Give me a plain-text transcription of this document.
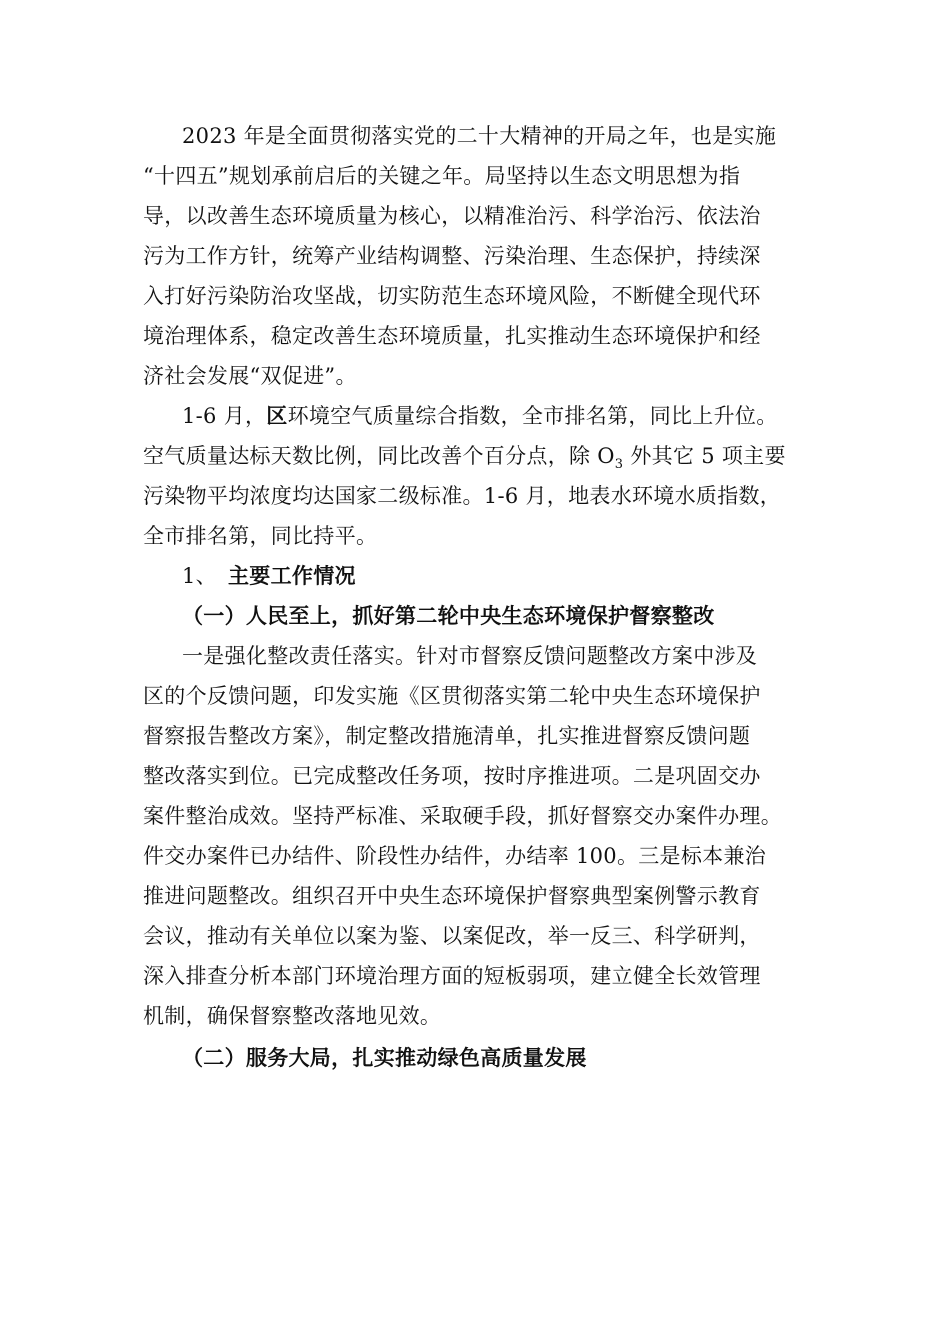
2023 年是全面贯彻落实党的二十大精神的开局之年，也是实施
“十四五”规划承前启后的关键之年。局坚持以生态文明思想为指
导，以改善生态环境质量为核心，以精准治污、科学治污、依法治
污为工作方针，统筹产业结构调整、污染治理、生态保护，持续深
入打好污染防治攻坚战，切实防范生态环境风险，不断健全现代环
境治理体系，稳定改善生态环境质量，扎实推动生态环境保护和经
济社会发展“双促进”。
1-6 月，区环境空气质量综合指数，全市排名第，同比上升位。
空气质量达标天数比例，同比改善个百分点，除 $O_3$ 外其它 5 项主要
污染物平均浓度均达国家二级标准。1-6 月，地表水环境水质指数，
全市排名第，同比持平。
1、 主要工作情况
（一）人民至上，抓好第二轮中央生态环境保护督察整改
一是强化整改责任落实。针对市督察反馈问题整改方案中涉及
区的个反馈问题，印发实施《区贯彻落实第二轮中央生态环境保护
督察报告整改方案》，制定整改措施清单，扎实推进督察反馈问题
整改落实到位。已完成整改任务项，按时序推进项。二是巩固交办
案件整治成效。坚持严标准、采取硬手段，抓好督察交办案件办理。
件交办案件已办结件、阶段性办结件，办结率 100。三是标本兼治
推进问题整改。组织召开中央生态环境保护督察典型案例警示教育
会议，推动有关单位以案为鉴、以案促改，举一反三、科学研判，
深入排查分析本部门环境治理方面的短板弱项，建立健全长效管理
机制，确保督察整改落地见效。
（二）服务大局，扎实推动绿色高质量发展
